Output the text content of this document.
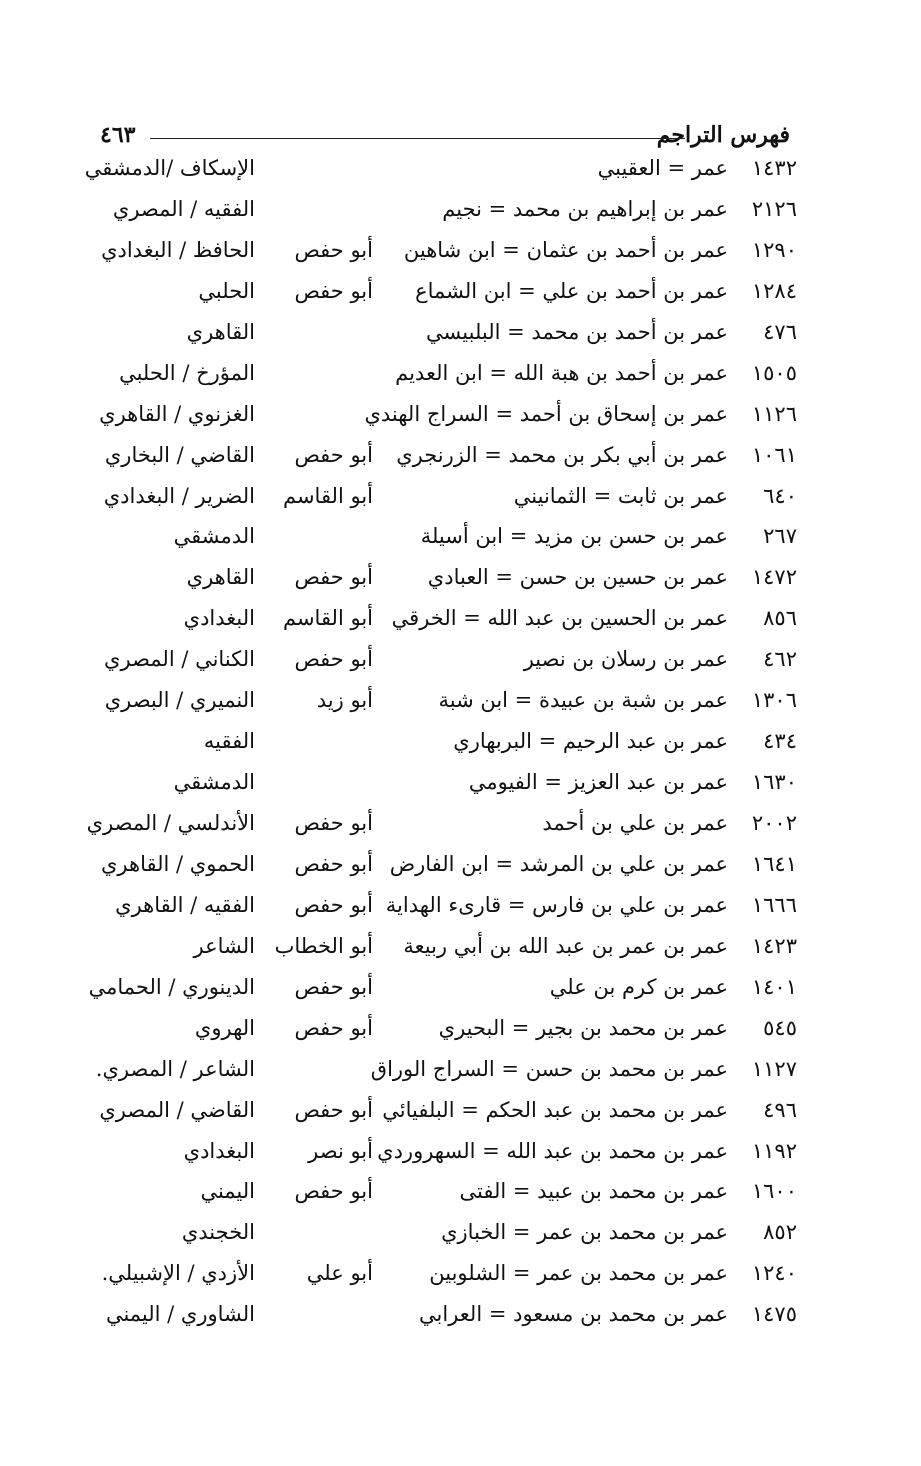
فهرس التراجم
٤٦٣
١٤٣٢
عمر = العقيبي
الإسكاف /الدمشقي
٢١٢٦
عمر بن إبراهيم بن محمد = نجيم
الفقيه / المصري
١٢٩٠
عمر بن أحمد بن عثمان = ابن شاهين
أبو حفص
الحافظ / البغدادي
١٢٨٤
عمر بن أحمد بن علي = ابن الشماع
أبو حفص
الحلبي
٤٧٦
عمر بن أحمد بن محمد = البلبيسي
القاهري
١٥٠٥
عمر بن أحمد بن هبة الله = ابن العديم
المؤرخ / الحلبي
١١٢٦
عمر بن إسحاق بن أحمد = السراج الهندي
الغزنوي / القاهري
١٠٦١
عمر بن أبي بكر بن محمد = الزرنجري
أبو حفص
القاضي / البخاري
٦٤٠
عمر بن ثابت = الثمانيني
أبو القاسم
الضرير / البغدادي
٢٦٧
عمر بن حسن بن مزيد = ابن أسيلة
الدمشقي
١٤٧٢
عمر بن حسين بن حسن = العبادي
أبو حفص
القاهري
٨٥٦
عمر بن الحسين بن عبد الله = الخرقي
أبو القاسم
البغدادي
٤٦٢
عمر بن رسلان بن نصير
أبو حفص
الكناني / المصري
١٣٠٦
عمر بن شبة بن عبيدة = ابن شبة
أبو زيد
النميري / البصري
٤٣٤
عمر بن عبد الرحيم = البربهاري
الفقيه
١٦٣٠
عمر بن عبد العزيز = الفيومي
الدمشقي
٢٠٠٢
عمر بن علي بن أحمد
أبو حفص
الأندلسي / المصري
١٦٤١
عمر بن علي بن المرشد = ابن الفارض
أبو حفص
الحموي / القاهري
١٦٦٦
عمر بن علي بن فارس = قارىء الهداية
أبو حفص
الفقيه / القاهري
١٤٢٣
عمر بن عمر بن عبد الله بن أبي ربيعة
أبو الخطاب
الشاعر
١٤٠١
عمر بن كرم بن علي
أبو حفص
الدينوري / الحمامي
٥٤٥
عمر بن محمد بن بجير = البحيري
أبو حفص
الهروي
١١٢٧
عمر بن محمد بن حسن = السراج الوراق
الشاعر / المصري.
٤٩٦
عمر بن محمد بن عبد الحكم = البلفيائي
أبو حفص
القاضي / المصري
١١٩٢
عمر بن محمد بن عبد الله = السهروردي
أبو نصر
البغدادي
١٦٠٠
عمر بن محمد بن عبيد = الفتى
أبو حفص
اليمني
٨٥٢
عمر بن محمد بن عمر = الخبازي
الخجندي
١٢٤٠
عمر بن محمد بن عمر = الشلوبين
أبو علي
الأزدي / الإشبيلي.
١٤٧٥
عمر بن محمد بن مسعود = العرابي
الشاوري / اليمني
